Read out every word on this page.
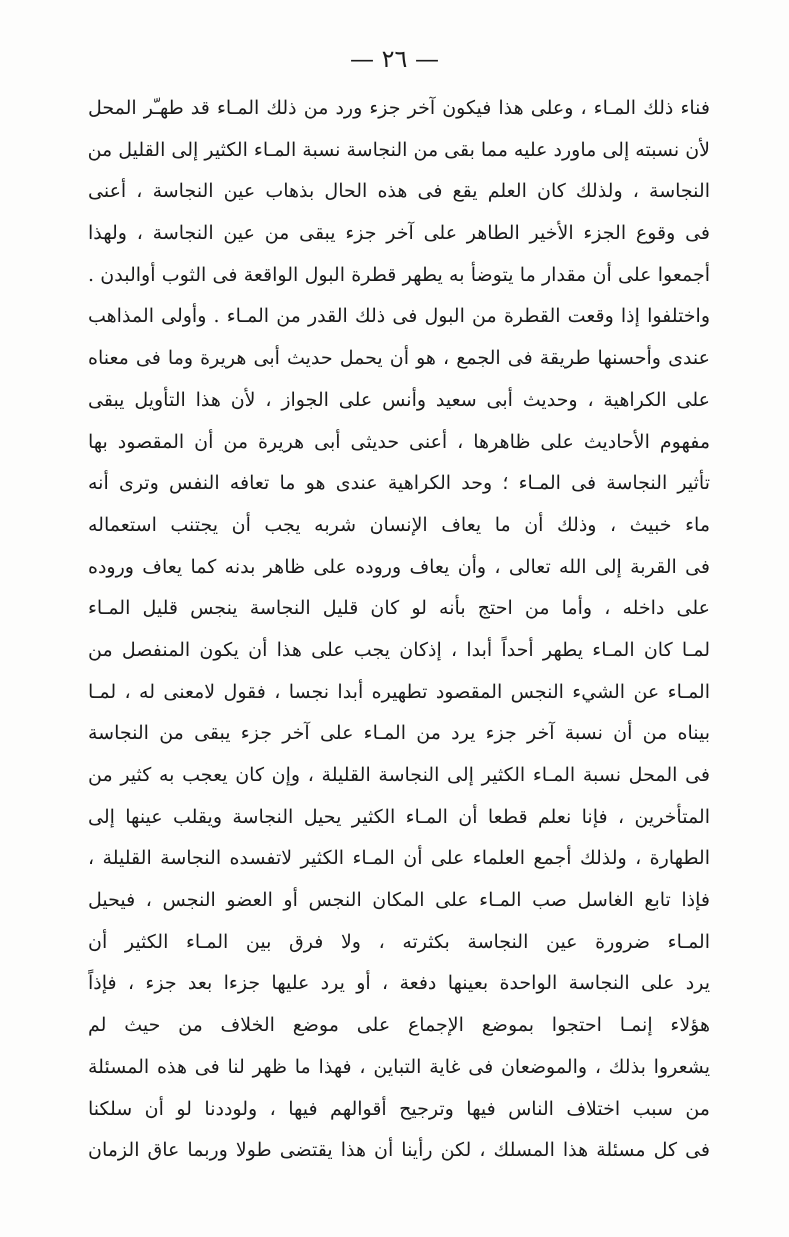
— ٢٦ —
فناء ذلك المـاء ، وعلى هذا فيكون آخر جزء ورد من ذلك المـاء قد طهـّر المحل
لأن نسبته إلى ماورد عليه مما بقى من النجاسة نسبة المـاء الكثير إلى القليل من
النجاسة ، ولذلك كان العلم يقع فى هذه الحال بذهاب عين النجاسة ، أعنى
فى وقوع الجزء الأخير الطاهر على آخر جزء يبقى من عين النجاسة ، ولهذا
أجمعوا على أن مقدار ما يتوضأ به يطهر قطرة البول الواقعة فى الثوب أوالبدن .
واختلفوا إذا وقعت القطرة من البول فى ذلك القدر من المـاء . وأولى المذاهب
عندى وأحسنها طريقة فى الجمع ، هو أن يحمل حديث أبى هريرة وما فى معناه
على الكراهية ، وحديث أبى سعيد وأنس على الجواز ، لأن هذا التأويل يبقى
مفهوم الأحاديث على ظاهرها ، أعنى حديثى أبى هريرة من أن المقصود بها
تأثير النجاسة فى المـاء ؛ وحد الكراهية عندى هو ما تعافه النفس وترى أنه
ماء خبيث ، وذلك أن ما يعاف الإنسان شربه يجب أن يجتنب استعماله
فى القربة إلى الله تعالى ، وأن يعاف وروده على ظاهر بدنه كما يعاف وروده
على داخله ، وأما من احتج بأنه لو كان قليل النجاسة ينجس قليل المـاء
لمـا كان المـاء يطهر أحداً أبدا ، إذكان يجب على هذا أن يكون المنفصل من
المـاء عن الشيء النجس المقصود تطهيره أبدا نجسا ، فقول لامعنى له ، لمـا
بيناه من أن نسبة آخر جزء يرد من المـاء على آخر جزء يبقى من النجاسة
فى المحل نسبة المـاء الكثير إلى النجاسة القليلة ، وإن كان يعجب به كثير من
المتأخرين ، فإنا نعلم قطعا أن المـاء الكثير يحيل النجاسة ويقلب عينها إلى
الطهارة ، ولذلك أجمع العلماء على أن المـاء الكثير لاتفسده النجاسة القليلة ،
فإذا تابع الغاسل صب المـاء على المكان النجس أو العضو النجس ، فيحيل
المـاء ضرورة عين النجاسة بكثرته ، ولا فرق بين المـاء الكثير أن
يرد على النجاسة الواحدة بعينها دفعة ، أو يرد عليها جزءا بعد جزء ، فإذاً
هؤلاء إنمـا احتجوا بموضع الإجماع على موضع الخلاف من حيث لم
يشعروا بذلك ، والموضعان فى غاية التباين ، فهذا ما ظهر لنا فى هذه المسئلة
من سبب اختلاف الناس فيها وترجيح أقوالهم فيها ، ولوددنا لو أن سلكنا
فى كل مسئلة هذا المسلك ، لكن رأينا أن هذا يقتضى طولا وربما عاق الزمان
